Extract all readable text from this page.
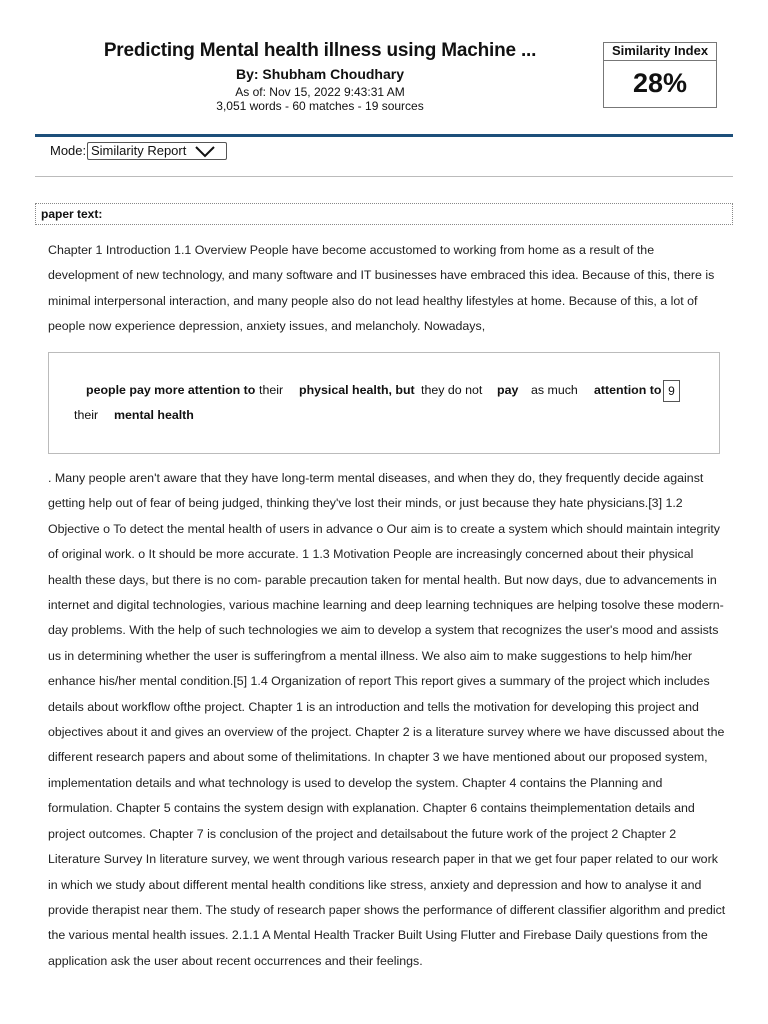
Predicting Mental health illness using Machine ...
By: Shubham Choudhary
As of: Nov 15, 2022 9:43:31 AM
3,051 words - 60 matches - 19 sources
Similarity Index
28%
Mode: Similarity Report
paper text:
Chapter 1 Introduction 1.1 Overview People have become accustomed to working from home as a result of the development of new technology, and many software and IT businesses have embraced this idea. Because of this, there is minimal interpersonal interaction, and many people also do not lead healthy lifestyles at home. Because of this, a lot of people now experience depression, anxiety issues, and melancholy. Nowadays,
people pay more attention to their physical health, but they do not pay as much attention to 9
their mental health
. Many people aren't aware that they have long-term mental diseases, and when they do, they frequently decide against getting help out of fear of being judged, thinking they've lost their minds, or just because they hate physicians.[3] 1.2 Objective o To detect the mental health of users in advance o Our aim is to create a system which should maintain integrity of original work. o It should be more accurate. 1 1.3 Motivation People are increasingly concerned about their physical health these days, but there is no com- parable precaution taken for mental health. But now days, due to advancements in internet and digital technologies, various machine learning and deep learning techniques are helping tosolve these modern-day problems. With the help of such technologies we aim to develop a system that recognizes the user's mood and assists us in determining whether the user is sufferingfrom a mental illness. We also aim to make suggestions to help him/her enhance his/her mental condition.[5] 1.4 Organization of report This report gives a summary of the project which includes details about workflow ofthe project. Chapter 1 is an introduction and tells the motivation for developing this project and objectives about it and gives an overview of the project. Chapter 2 is a literature survey where we have discussed about the different research papers and about some of thelimitations. In chapter 3 we have mentioned about our proposed system, implementation details and what technology is used to develop the system. Chapter 4 contains the Planning and formulation. Chapter 5 contains the system design with explanation. Chapter 6 contains theimplementation details and project outcomes. Chapter 7 is conclusion of the project and detailsabout the future work of the project 2 Chapter 2 Literature Survey In literature survey, we went through various research paper in that we get four paper related to our work in which we study about different mental health conditions like stress, anxiety and depression and how to analyse it and provide therapist near them. The study of research paper shows the performance of different classifier algorithm and predict the various mental health issues. 2.1.1 A Mental Health Tracker Built Using Flutter and Firebase Daily questions from the application ask the user about recent occurrences and their feelings.
